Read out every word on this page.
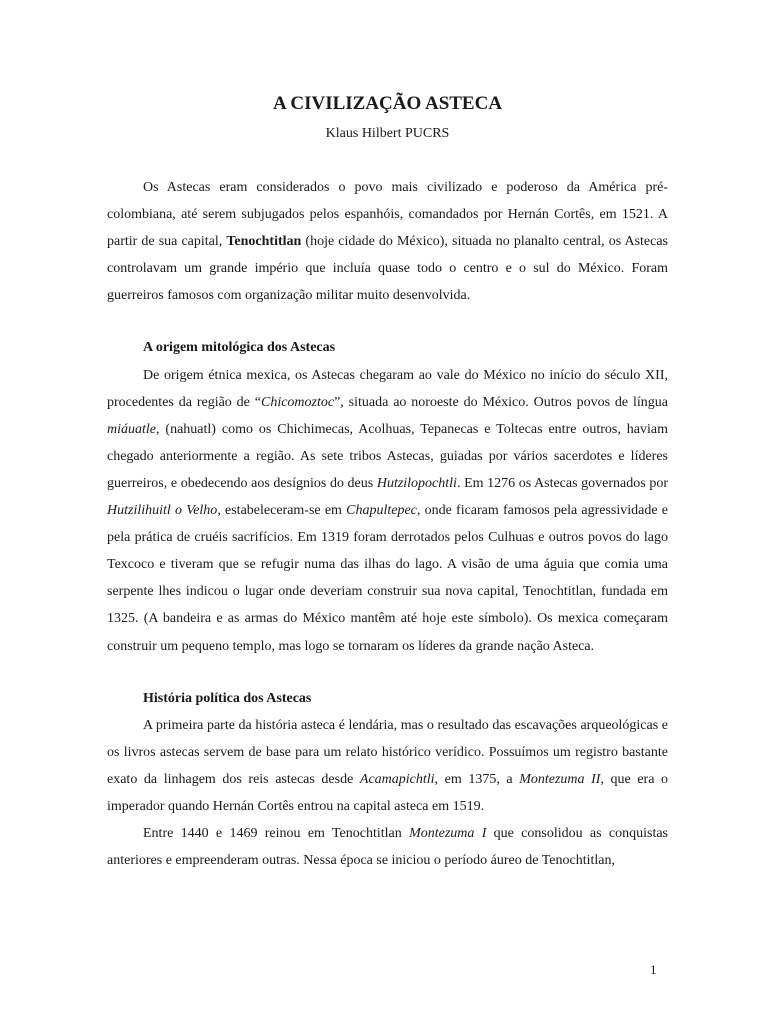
A CIVILIZAÇÃO ASTECA

Klaus Hilbert PUCRS

Os Astecas eram considerados o povo mais civilizado e poderoso da América pré-colombiana, até serem subjugados pelos espanhóis, comandados por Hernán Cortês, em 1521. A partir de sua capital, Tenochtitlan (hoje cidade do México), situada no planalto central, os Astecas controlavam um grande império que incluía quase todo o centro e o sul do México. Foram guerreiros famosos com organização militar muito desenvolvida.

A origem mitológica dos Astecas

De origem étnica mexica, os Astecas chegaram ao vale do México no início do século XII, procedentes da região de “Chicomoztoc”, situada ao noroeste do México. Outros povos de língua miáuatle, (nahuatl) como os Chichimecas, Acolhuas, Tepanecas e Toltecas entre outros, haviam chegado anteriormente a região. As sete tribos Astecas, guiadas por vários sacerdotes e líderes guerreiros, e obedecendo aos desígnios do deus Hutzilopochtli. Em 1276 os Astecas governados por Hutzilihuitl o Velho, estabeleceram-se em Chapultepec, onde ficaram famosos pela agressividade e pela prática de cruéis sacrifícios. Em 1319 foram derrotados pelos Culhuas e outros povos do lago Texcoco e tiveram que se refugir numa das ilhas do lago. A visão de uma águia que comia uma serpente lhes indicou o lugar onde deveriam construir sua nova capital, Tenochtitlan, fundada em 1325. (A bandeira e as armas do México mantêm até hoje este símbolo). Os mexica começaram construir um pequeno templo, mas logo se tornaram os líderes da grande nação Asteca.

História política dos Astecas

A primeira parte da história asteca é lendária, mas o resultado das escavações arqueológicas e os livros astecas servem de base para um relato histórico verídico. Possuímos um registro bastante exato da linhagem dos reis astecas desde Acamapichtli, em 1375, a Montezuma II, que era o imperador quando Hernán Cortês entrou na capital asteca em 1519.

Entre 1440 e 1469 reinou em Tenochtitlan Montezuma I que consolidou as conquistas anteriores e empreenderam outras. Nessa época se iniciou o período áureo de Tenochtitlan,

1
